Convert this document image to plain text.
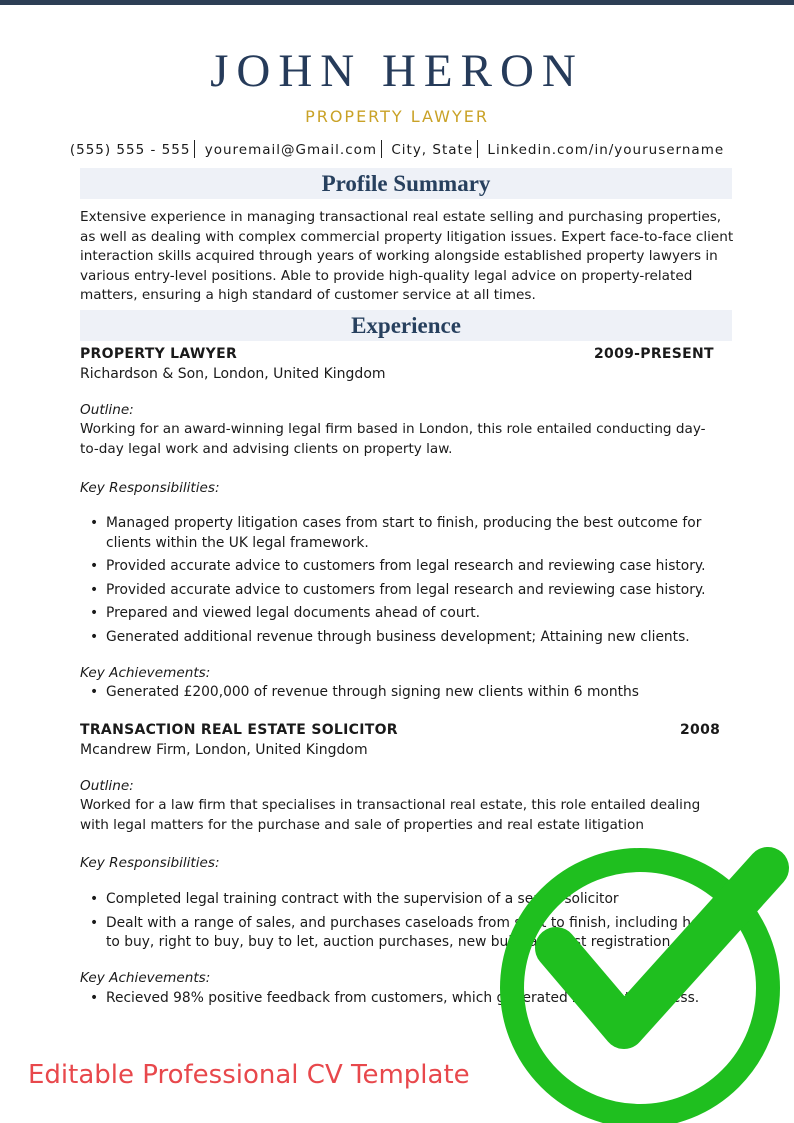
JOHN HERON
PROPERTY LAWYER
(555) 555 - 555 youremail@Gmail.com City, State Linkedin.com/in/yourusername
Profile Summary
Extensive experience in managing transactional real estate selling and purchasing properties, as well as dealing with complex commercial property litigation issues. Expert face-to-face client interaction skills acquired through years of working alongside established property lawyers in various entry-level positions. Able to provide high-quality legal advice on property-related matters, ensuring a high standard of customer service at all times.
Experience
PROPERTY LAWYER	2009-PRESENT
Richardson & Son, London, United Kingdom
Outline:
Working for an award-winning legal firm based in London, this role entailed conducting day-to-day legal work and advising clients on property law.
Key Responsibilities:
• Managed property litigation cases from start to finish, producing the best outcome for clients within the UK legal framework.
• Provided accurate advice to customers from legal research and reviewing case history.
• Provided accurate advice to customers from legal research and reviewing case history.
• Prepared and viewed legal documents ahead of court.
• Generated additional revenue through business development; Attaining new clients.
Key Achievements:
• Generated £200,000 of revenue through signing new clients within 6 months
TRANSACTION REAL ESTATE SOLICITOR	2008
Mcandrew Firm, London, United Kingdom
Outline:
Worked for a law firm that specialises in transactional real estate, this role entailed dealing with legal matters for the purchase and sale of properties and real estate litigation
Key Responsibilities:
• Completed legal training contract with the supervision of a senior solicitor
• Dealt with a range of sales, and purchases caseloads from start to finish, including help to buy, right to buy, buy to let, auction purchases, new build and first registration of
Key Achievements:
• Recieved 98% positive feedback from customers, which generated £ repeat business.
Editable Professional CV Template
